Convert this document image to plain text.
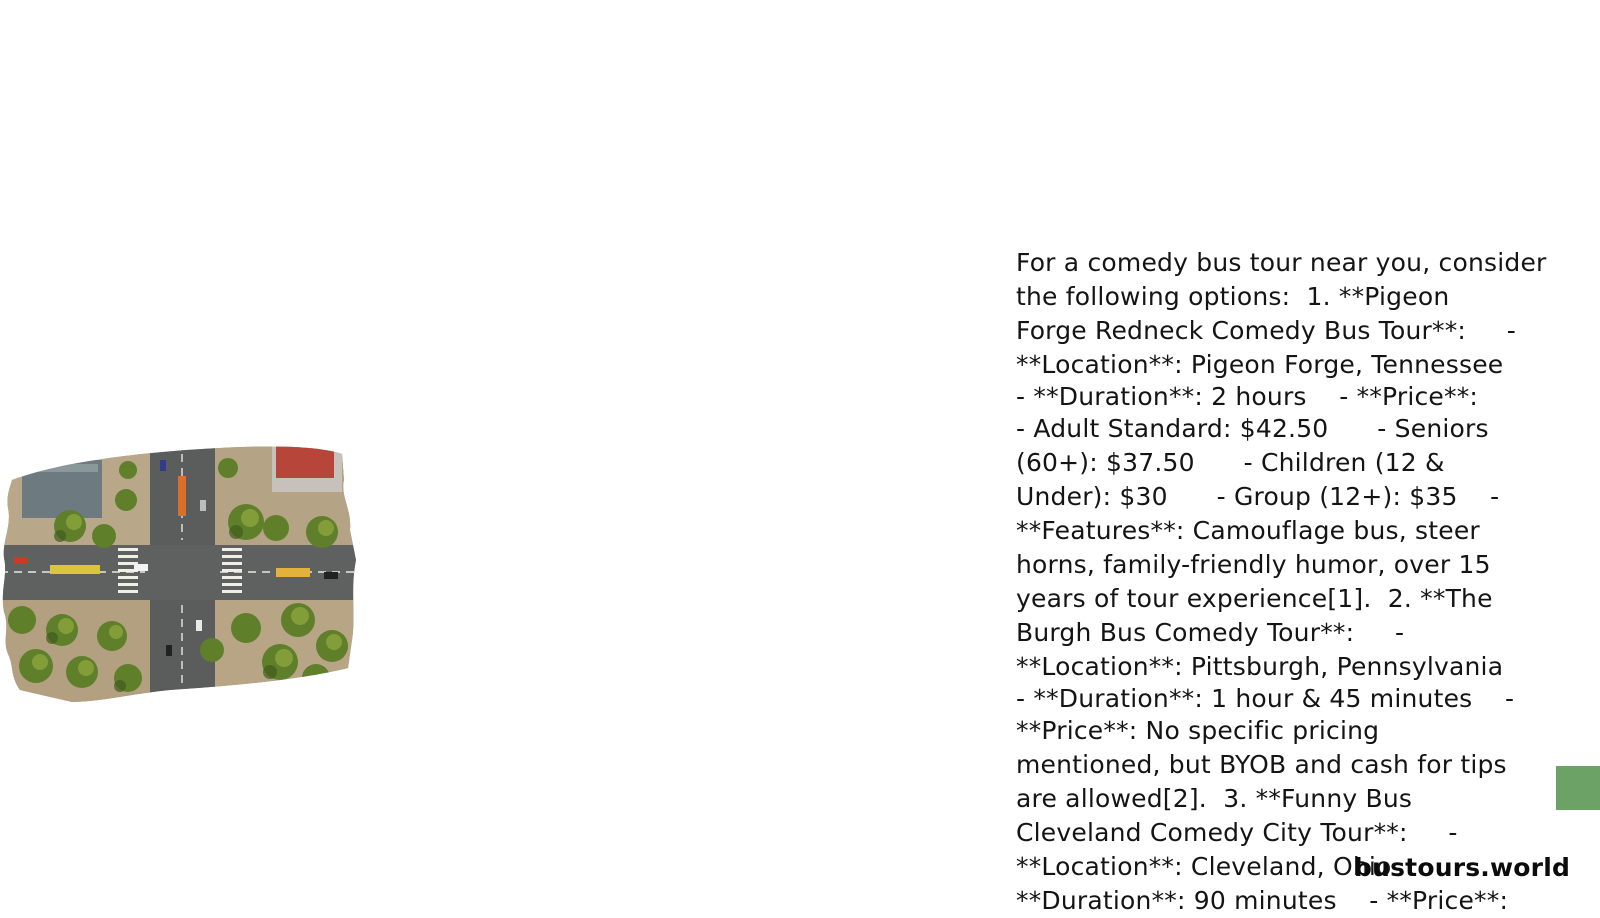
For a comedy bus tour near you, consider
the following options:  1. **Pigeon
Forge Redneck Comedy Bus Tour**:     -
**Location**: Pigeon Forge, Tennessee
- **Duration**: 2 hours    - **Price**:
- Adult Standard: $42.50      - Seniors
(60+): $37.50      - Children (12 &
Under): $30      - Group (12+): $35    -
**Features**: Camouflage bus, steer
horns, family-friendly humor, over 15
years of tour experience[1].  2. **The
Burgh Bus Comedy Tour**:     -
**Location**: Pittsburgh, Pennsylvania
- **Duration**: 1 hour & 45 minutes    -
**Price**: No specific pricing
mentioned, but BYOB and cash for tips
are allowed[2].  3. **Funny Bus
Cleveland Comedy City Tour**:     -
**Location**: Cleveland, Ohio
**Duration**: 90 minutes    - **Price**:
bustours.world
